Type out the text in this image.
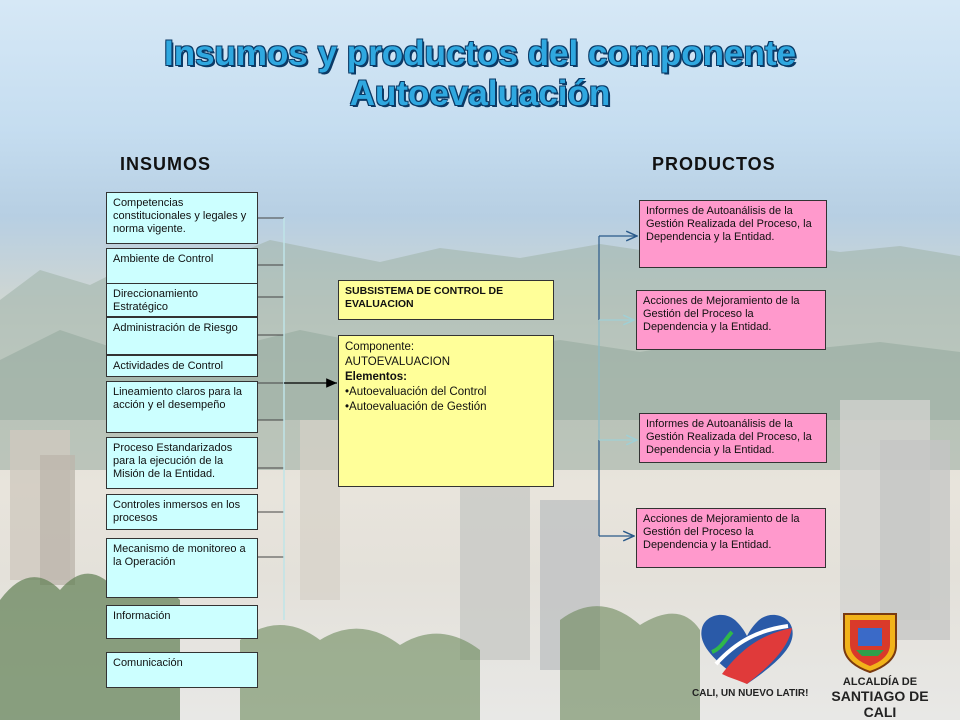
Insumos y productos del componente
Autoevaluación
INSUMOS	PRODUCTOS
Competencias constitucionales y legales y norma vigente.
Ambiente de Control
Direccionamiento Estratégico
Administración de Riesgo
Actividades de Control
Lineamiento claros para la acción y el desempeño
Proceso Estandarizados para la ejecución de la Misión de la Entidad.
Controles inmersos en los procesos
Mecanismo de monitoreo a la Operación
Información
Comunicación
SUBSISTEMA DE CONTROL DE EVALUACION
Componente:
AUTOEVALUACION
Elementos:
•Autoevaluación del Control
•Autoevaluación de Gestión
Informes de Autoanálisis de la Gestión Realizada del Proceso, la Dependencia y la Entidad.
Acciones de Mejoramiento de la Gestión del Proceso la Dependencia y la Entidad.
Informes de Autoanálisis de la Gestión Realizada del Proceso, la Dependencia y la Entidad.
Acciones de Mejoramiento de la Gestión del Proceso la Dependencia y la Entidad.
CALI, UN NUEVO LATIR!
ALCALDÍA DE
SANTIAGO DE CALI
